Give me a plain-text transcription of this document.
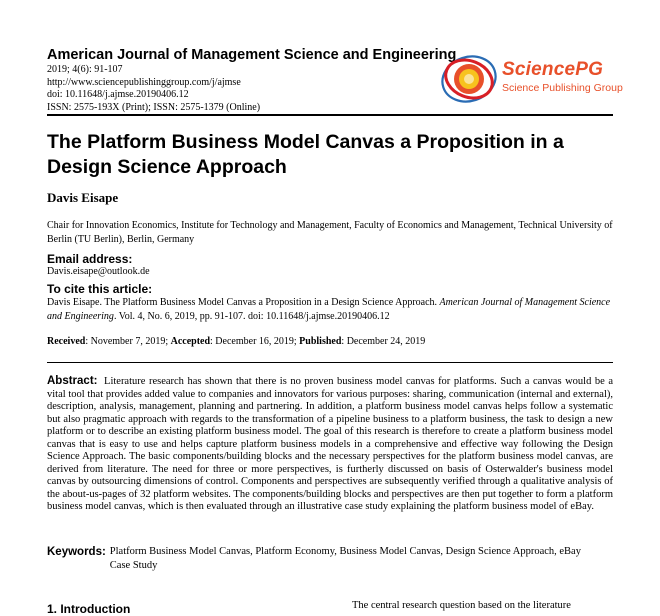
American Journal of Management Science and Engineering
2019; 4(6): 91-107
http://www.sciencepublishinggroup.com/j/ajmse
doi: 10.11648/j.ajmse.20190406.12
ISSN: 2575-193X (Print); ISSN: 2575-1379 (Online)
SciencePG
Science Publishing Group
The Platform Business Model Canvas a Proposition in a Design Science Approach
Davis Eisape
Chair for Innovation Economics, Institute for Technology and Management, Faculty of Economics and Management, Technical University of Berlin (TU Berlin), Berlin, Germany
Email address:
Davis.eisape@outlook.de
To cite this article:
Davis Eisape. The Platform Business Model Canvas a Proposition in a Design Science Approach. American Journal of Management Science and Engineering. Vol. 4, No. 6, 2019, pp. 91-107. doi: 10.11648/j.ajmse.20190406.12
Received: November 7, 2019; Accepted: December 16, 2019; Published: December 24, 2019
Abstract: Literature research has shown that there is no proven business model canvas for platforms. Such a canvas would be a vital tool that provides added value to companies and innovators for various purposes: sharing, communication (internal and external), description, analysis, management, planning and partnering. In addition, a platform business model canvas helps follow a systematic but also pragmatic approach with regards to the transformation of a pipeline business to a platform business, the task to design a new platform or to describe an existing platform business model. The goal of this research is therefore to create a platform business model canvas that is easy to use and helps capture platform business models in a comprehensive and effective way following the Design Science Approach. The basic components/building blocks and the necessary perspectives for the platform business model canvas, are derived from literature. The need for three or more perspectives, is furtherly discussed on basis of Osterwalder's business model canvas by outsourcing dimensions of control. Components and perspectives are subsequently verified through a qualitative analysis of the about-us-pages of 32 platform websites. The components/building blocks and perspectives are then put together to form a platform business model canvas, which is then evaluated through an illustrative case study explaining the platform business model of eBay.
Keywords: Platform Business Model Canvas, Platform Economy, Business Model Canvas, Design Science Approach, eBay Case Study
1. Introduction	The central research question based on the literature
